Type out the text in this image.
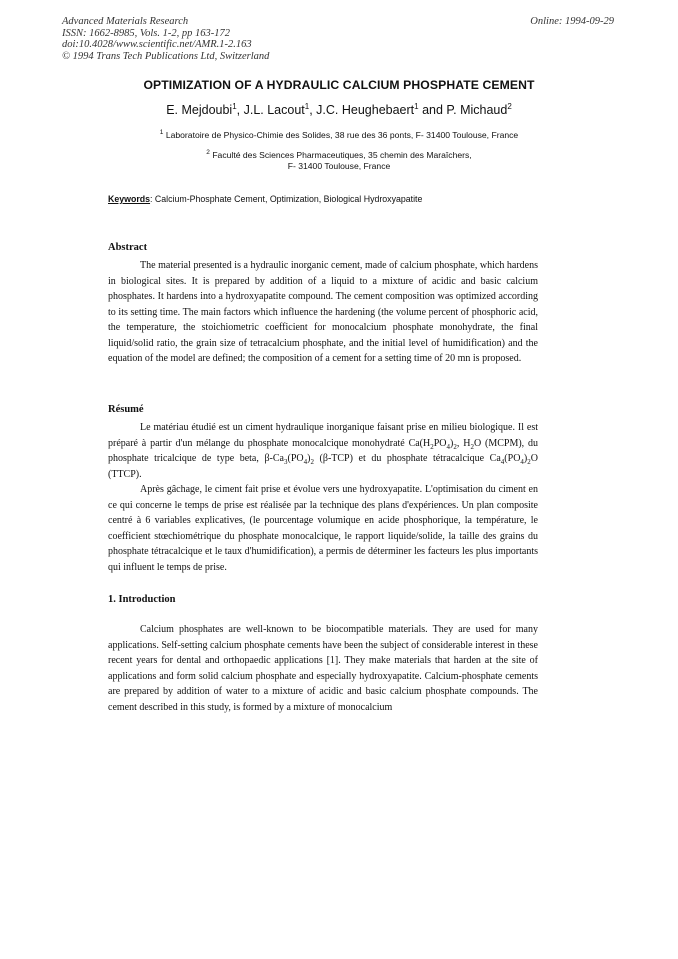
Advanced Materials Research
ISSN: 1662-8985, Vols. 1-2, pp 163-172
doi:10.4028/www.scientific.net/AMR.1-2.163
© 1994 Trans Tech Publications Ltd, Switzerland
Online: 1994-09-29
OPTIMIZATION OF A HYDRAULIC CALCIUM PHOSPHATE CEMENT
E. Mejdoubi$^1$, J.L. Lacout$^1$, J.C. Heughebaert$^1$ and P. Michaud$^2$
$^1$ Laboratoire de Physico-Chimie des Solides, 38 rue des 36 ponts, F- 31400 Toulouse, France
$^2$ Faculté des Sciences Pharmaceutiques, 35 chemin des Maraîchers,
F- 31400 Toulouse, France
Keywords: Calcium-Phosphate Cement, Optimization, Biological Hydroxyapatite
Abstract
The material presented is a hydraulic inorganic cement, made of calcium phosphate, which hardens in biological sites. It is prepared by addition of a liquid to a mixture of acidic and basic calcium phosphates. It hardens into a hydroxyapatite compound. The cement composition was optimized according to its setting time. The main factors which influence the hardening (the volume percent of phosphoric acid, the temperature, the stoichiometric coefficient for monocalcium phosphate monohydrate, the final liquid/solid ratio, the grain size of tetracalcium phosphate, and the initial level of humidification) and the equation of the model are defined; the composition of a cement for a setting time of 20 mn is proposed.
Résumé
Le matériau étudié est un ciment hydraulique inorganique faisant prise en milieu biologique. Il est préparé à partir d'un mélange du phosphate monocalcique monohydraté $Ca(H_2PO_4)_2$, $H_2O$ (MCPM), du phosphate tricalcique de type beta, $\beta-Ca_3(PO_4)_2$ (β-TCP) et du phosphate tétracalcique $Ca_4(PO_4)_2O$ (TTCP).
Après gâchage, le ciment fait prise et évolue vers une hydroxyapatite. L'optimisation du ciment en ce qui concerne le temps de prise est réalisée par la technique des plans d'expériences. Un plan composite centré à 6 variables explicatives, (le pourcentage volumique en acide phosphorique, la température, le coefficient stœchiométrique du phosphate monocalcique, le rapport liquide/solide, la taille des grains du phosphate tétracalcique et le taux d'humidification), a permis de déterminer les facteurs les plus importants qui influent le temps de prise.
1. Introduction
Calcium phosphates are well-known to be biocompatible materials. They are used for many applications. Self-setting calcium phosphate cements have been the subject of considerable interest in these recent years for dental and orthopaedic applications [1]. They make materials that harden at the site of applications and form solid calcium phosphate and especially hydroxyapatite. Calcium-phosphate cements are prepared by addition of water to a mixture of acidic and basic calcium phosphate compounds. The cement described in this study, is formed by a mixture of monocalcium
